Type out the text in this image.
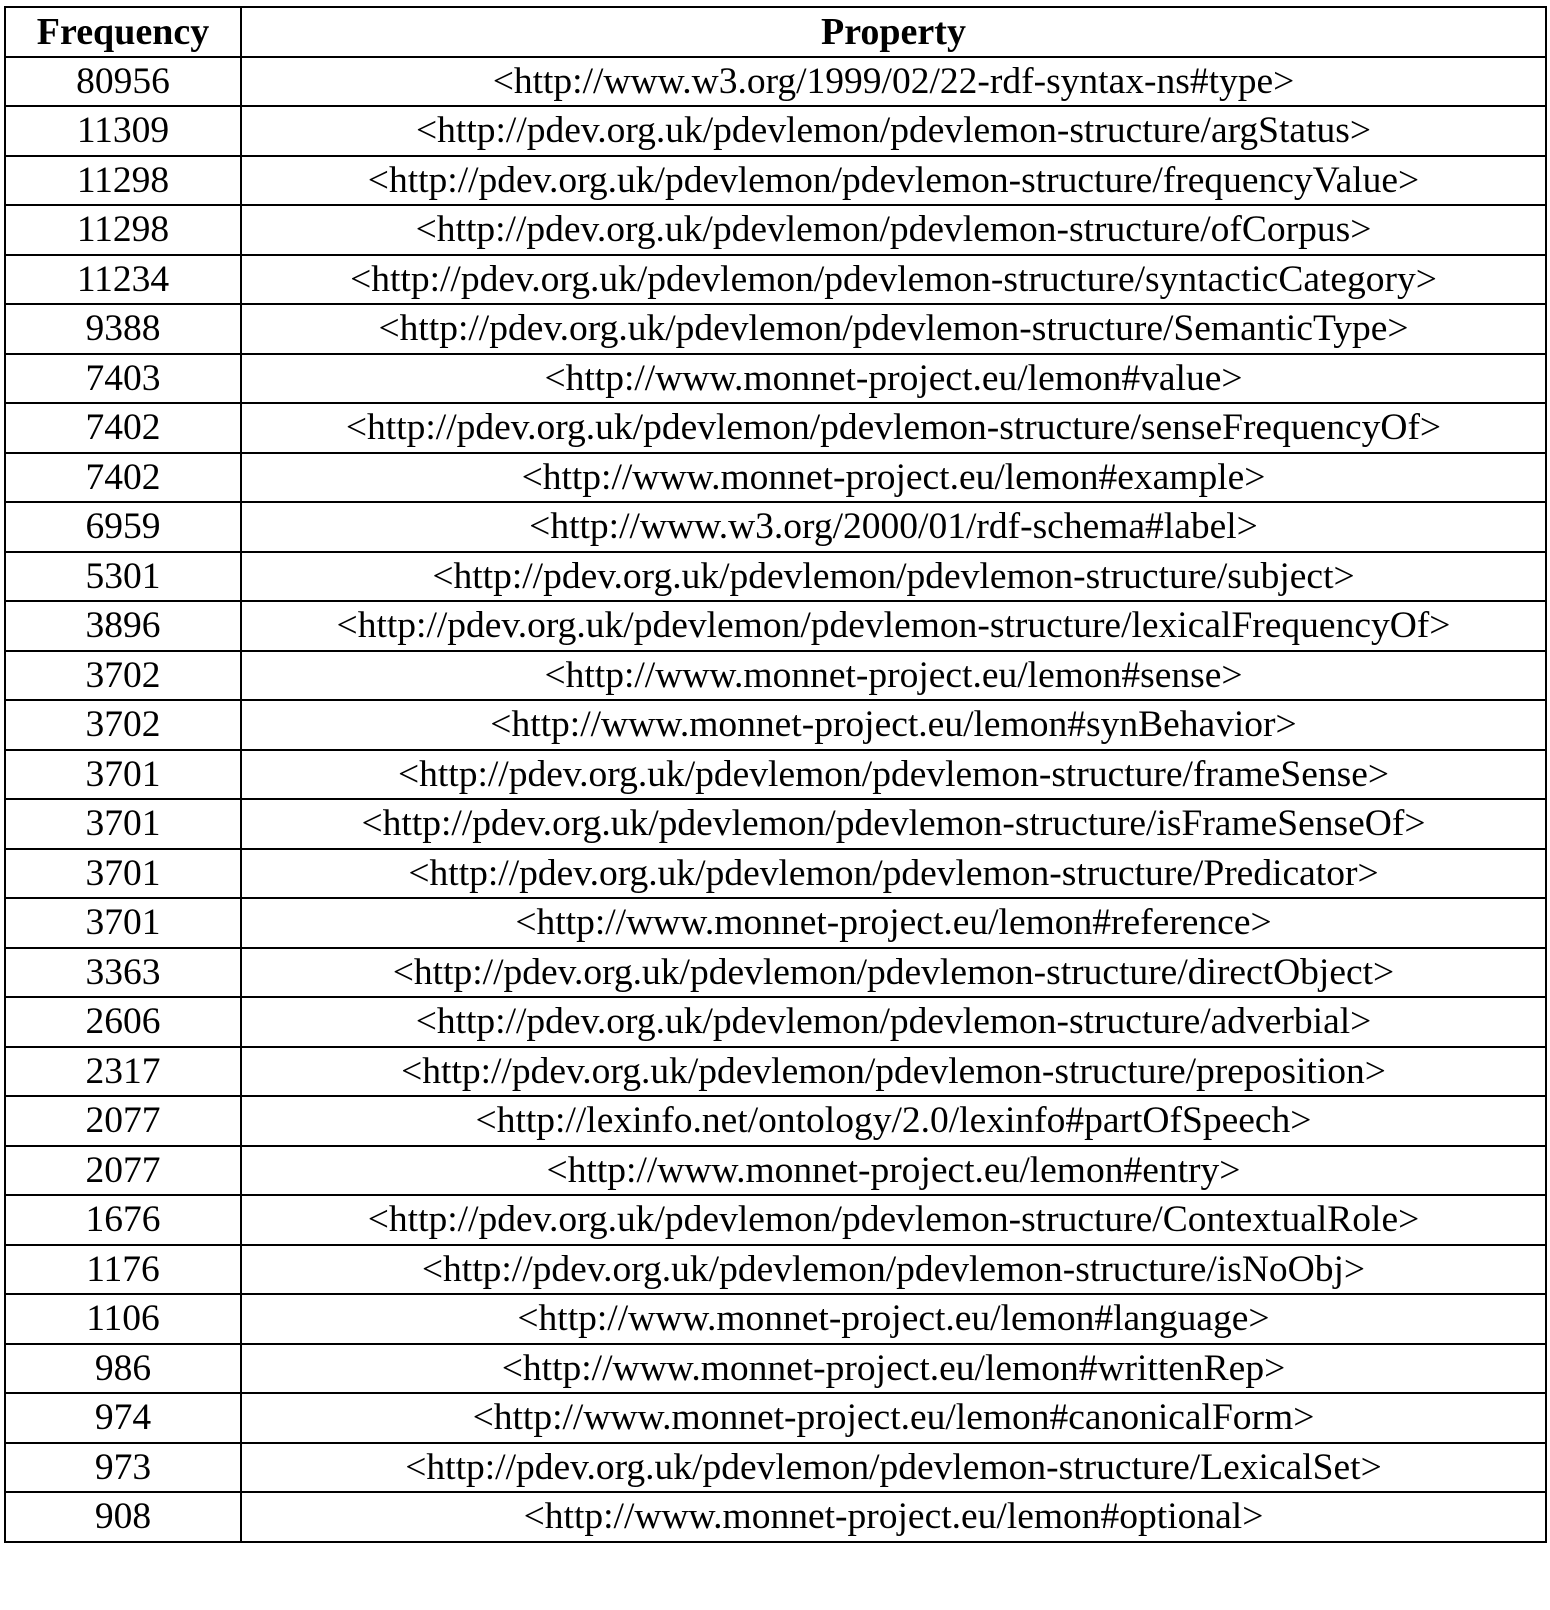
Frequency	Property
80956	<http://www.w3.org/1999/02/22-rdf-syntax-ns#type>
11309	<http://pdev.org.uk/pdevlemon/pdevlemon-structure/argStatus>
11298	<http://pdev.org.uk/pdevlemon/pdevlemon-structure/frequencyValue>
11298	<http://pdev.org.uk/pdevlemon/pdevlemon-structure/ofCorpus>
11234	<http://pdev.org.uk/pdevlemon/pdevlemon-structure/syntacticCategory>
9388	<http://pdev.org.uk/pdevlemon/pdevlemon-structure/SemanticType>
7403	<http://www.monnet-project.eu/lemon#value>
7402	<http://pdev.org.uk/pdevlemon/pdevlemon-structure/senseFrequencyOf>
7402	<http://www.monnet-project.eu/lemon#example>
6959	<http://www.w3.org/2000/01/rdf-schema#label>
5301	<http://pdev.org.uk/pdevlemon/pdevlemon-structure/subject>
3896	<http://pdev.org.uk/pdevlemon/pdevlemon-structure/lexicalFrequencyOf>
3702	<http://www.monnet-project.eu/lemon#sense>
3702	<http://www.monnet-project.eu/lemon#synBehavior>
3701	<http://pdev.org.uk/pdevlemon/pdevlemon-structure/frameSense>
3701	<http://pdev.org.uk/pdevlemon/pdevlemon-structure/isFrameSenseOf>
3701	<http://pdev.org.uk/pdevlemon/pdevlemon-structure/Predicator>
3701	<http://www.monnet-project.eu/lemon#reference>
3363	<http://pdev.org.uk/pdevlemon/pdevlemon-structure/directObject>
2606	<http://pdev.org.uk/pdevlemon/pdevlemon-structure/adverbial>
2317	<http://pdev.org.uk/pdevlemon/pdevlemon-structure/preposition>
2077	<http://lexinfo.net/ontology/2.0/lexinfo#partOfSpeech>
2077	<http://www.monnet-project.eu/lemon#entry>
1676	<http://pdev.org.uk/pdevlemon/pdevlemon-structure/ContextualRole>
1176	<http://pdev.org.uk/pdevlemon/pdevlemon-structure/isNoObj>
1106	<http://www.monnet-project.eu/lemon#language>
986	<http://www.monnet-project.eu/lemon#writtenRep>
974	<http://www.monnet-project.eu/lemon#canonicalForm>
973	<http://pdev.org.uk/pdevlemon/pdevlemon-structure/LexicalSet>
908	<http://www.monnet-project.eu/lemon#optional>
